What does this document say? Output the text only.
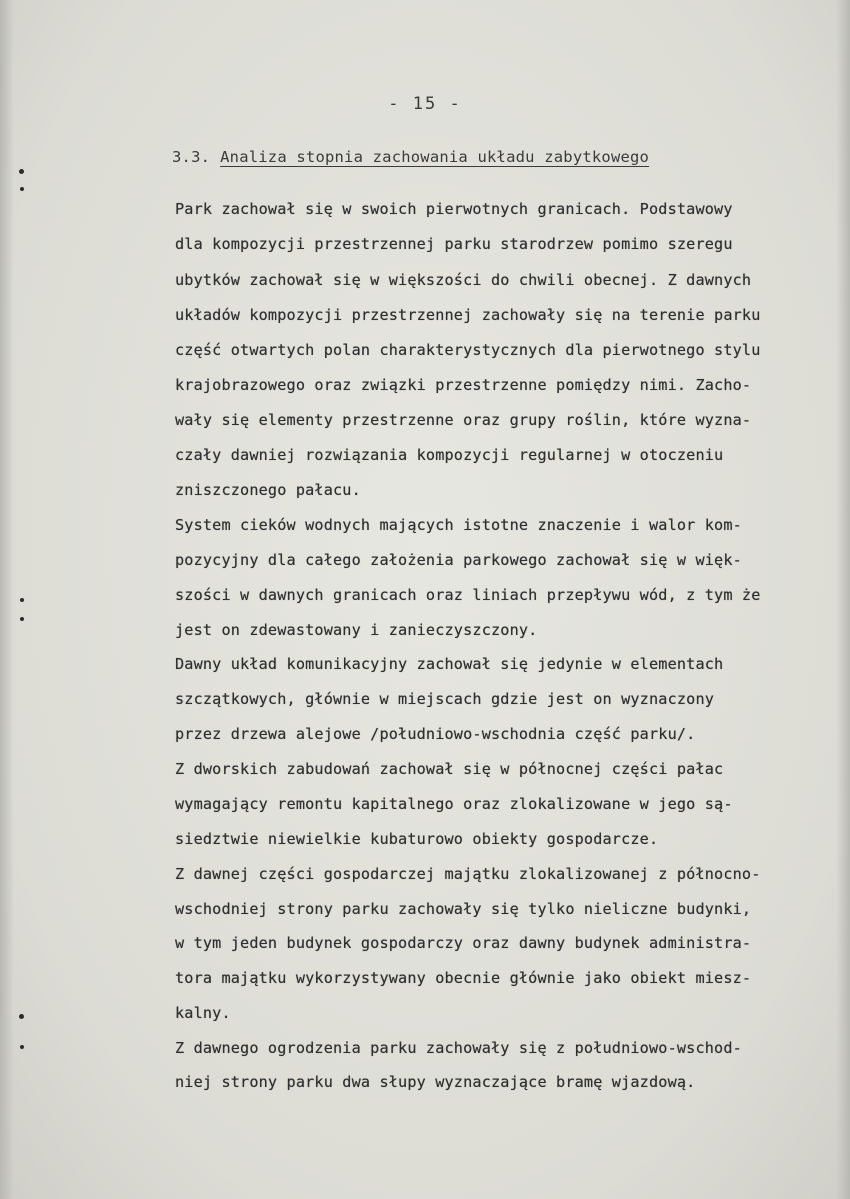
- 15 -
3.3. Analiza stopnia zachowania układu zabytkowego
Park zachował się w swoich pierwotnych granicach. Podstawowy
dla kompozycji przestrzennej parku starodrzew pomimo szeregu
ubytków zachował się w większości do chwili obecnej. Z dawnych
układów kompozycji przestrzennej zachowały się na terenie parku
część otwartych polan charakterystycznych dla pierwotnego stylu
krajobrazowego oraz związki przestrzenne pomiędzy nimi. Zacho-
wały się elementy przestrzenne oraz grupy roślin, które wyzna-
czały dawniej rozwiązania kompozycji regularnej w otoczeniu
zniszczonego pałacu.
System cieków wodnych mających istotne znaczenie i walor kom-
pozycyjny dla całego założenia parkowego zachował się w więk-
szości w dawnych granicach oraz liniach przepływu wód, z tym że
jest on zdewastowany i zanieczyszczony.
Dawny układ komunikacyjny zachował się jedynie w elementach
szczątkowych, głównie w miejscach gdzie jest on wyznaczony
przez drzewa alejowe /południowo-wschodnia część parku/.
Z dworskich zabudowań zachował się w północnej części pałac
wymagający remontu kapitalnego oraz zlokalizowane w jego są-
siedztwie niewielkie kubaturowo obiekty gospodarcze.
Z dawnej części gospodarczej majątku zlokalizowanej z północno-
wschodniej strony parku zachowały się tylko nieliczne budynki,
w tym jeden budynek gospodarczy oraz dawny budynek administra-
tora majątku wykorzystywany obecnie głównie jako obiekt miesz-
kalny.
Z dawnego ogrodzenia parku zachowały się z południowo-wschod-
niej strony parku dwa słupy wyznaczające bramę wjazdową.
